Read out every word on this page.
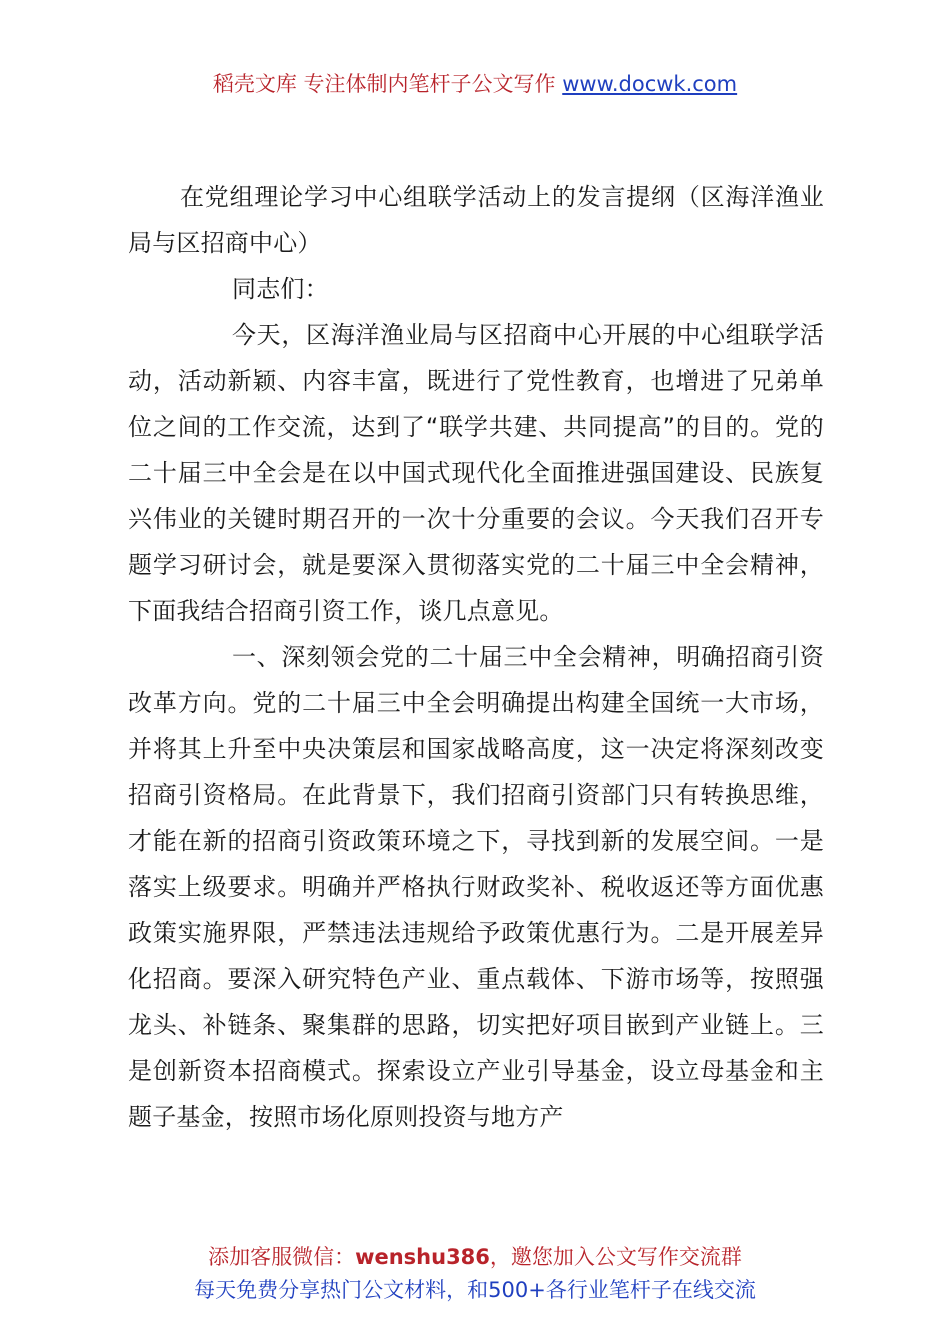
稻壳文库 专注体制内笔杆子公文写作 www.docwk.com

在党组理论学习中心组联学活动上的发言提纲（区海洋渔业局与区招商中心）

同志们：

今天，区海洋渔业局与区招商中心开展的中心组联学活动，活动新颖、内容丰富，既进行了党性教育，也增进了兄弟单位之间的工作交流，达到了“联学共建、共同提高”的目的。党的二十届三中全会是在以中国式现代化全面推进强国建设、民族复兴伟业的关键时期召开的一次十分重要的会议。今天我们召开专题学习研讨会，就是要深入贯彻落实党的二十届三中全会精神，下面我结合招商引资工作，谈几点意见。

一、深刻领会党的二十届三中全会精神，明确招商引资改革方向。党的二十届三中全会明确提出构建全国统一大市场，并将其上升至中央决策层和国家战略高度，这一决定将深刻改变招商引资格局。在此背景下，我们招商引资部门只有转换思维，才能在新的招商引资政策环境之下，寻找到新的发展空间。一是落实上级要求。明确并严格执行财政奖补、税收返还等方面优惠政策实施界限，严禁违法违规给予政策优惠行为。二是开展差异化招商。要深入研究特色产业、重点载体、下游市场等，按照强龙头、补链条、聚集群的思路，切实把好项目嵌到产业链上。三是创新资本招商模式。探索设立产业引导基金，设立母基金和主题子基金，按照市场化原则投资与地方产

添加客服微信：wenshu386，邀您加入公文写作交流群
每天免费分享热门公文材料，和500+各行业笔杆子在线交流
